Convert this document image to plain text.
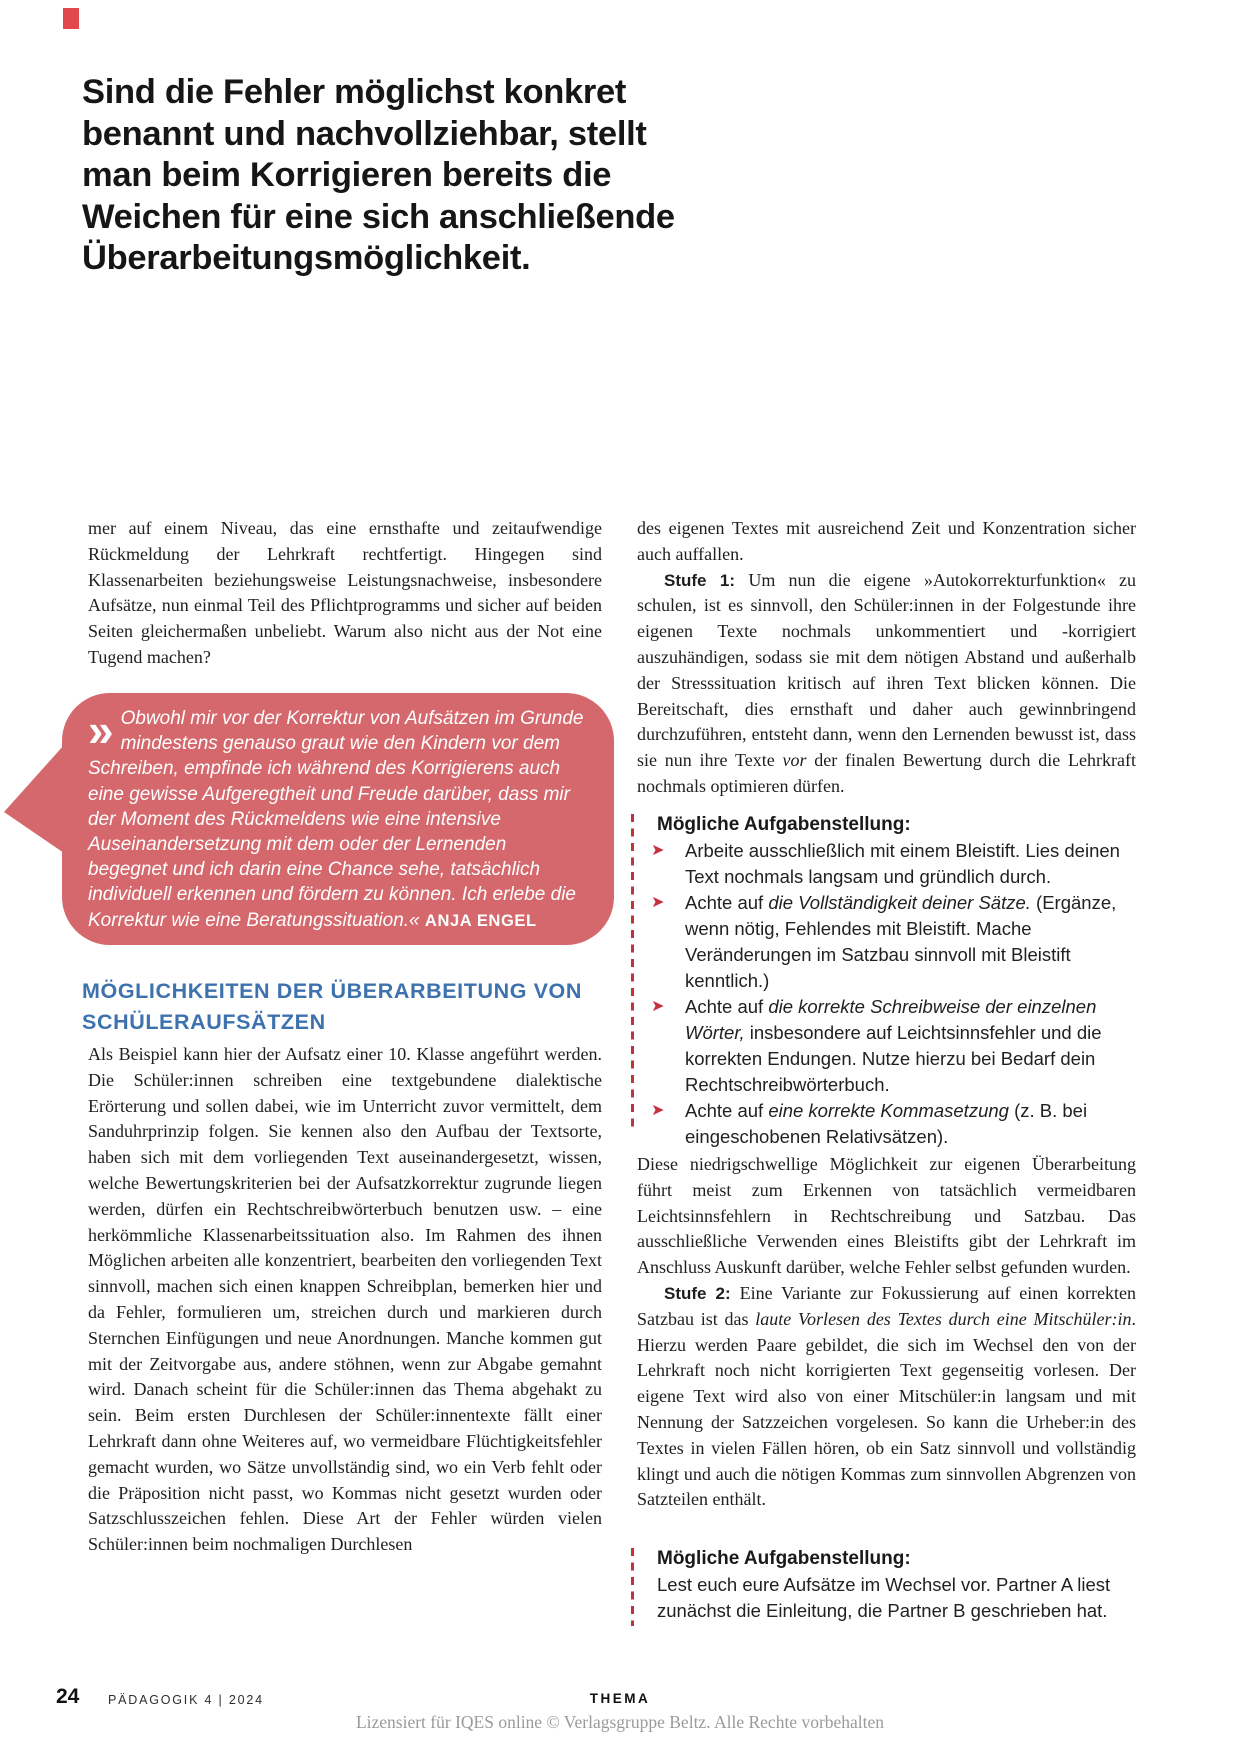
Sind die Fehler möglichst konkret
benannt und nachvollziehbar, stellt
man beim Korrigieren bereits die
Weichen für eine sich anschließende
Überarbeitungsmöglichkeit.
mer auf einem Niveau, das eine ernsthafte und zeitaufwendige Rückmeldung der Lehrkraft rechtfertigt. Hingegen sind Klassenarbeiten beziehungsweise Leistungsnachweise, insbesondere Aufsätze, nun einmal Teil des Pflichtprogramms und sicher auf beiden Seiten gleichermaßen unbeliebt. Warum also nicht aus der Not eine Tugend machen?
» Obwohl mir vor der Korrektur von Aufsätzen im Grunde mindestens genauso graut wie den Kindern vor dem Schreiben, empfinde ich während des Korrigierens auch eine gewisse Aufgeregtheit und Freude darüber, dass mir der Moment des Rückmeldens wie eine intensive Auseinandersetzung mit dem oder der Lernenden begegnet und ich darin eine Chance sehe, tatsächlich individuell erkennen und fördern zu können. Ich erlebe die Korrektur wie eine Beratungssituation.« ANJA ENGEL
MÖGLICHKEITEN DER ÜBERARBEITUNG VON SCHÜLERAUFSÄTZEN
Als Beispiel kann hier der Aufsatz einer 10. Klasse angeführt werden. Die Schüler:innen schreiben eine textgebundene dialektische Erörterung und sollen dabei, wie im Unterricht zuvor vermittelt, dem Sanduhrprinzip folgen. Sie kennen also den Aufbau der Textsorte, haben sich mit dem vorliegenden Text auseinandergesetzt, wissen, welche Bewertungskriterien bei der Aufsatzkorrektur zugrunde liegen werden, dürfen ein Rechtschreibwörterbuch benutzen usw. – eine herkömmliche Klassenarbeitssituation also. Im Rahmen des ihnen Möglichen arbeiten alle konzentriert, bearbeiten den vorliegenden Text sinnvoll, machen sich einen knappen Schreibplan, bemerken hier und da Fehler, formulieren um, streichen durch und markieren durch Sternchen Einfügungen und neue Anordnungen. Manche kommen gut mit der Zeitvorgabe aus, andere stöhnen, wenn zur Abgabe gemahnt wird. Danach scheint für die Schüler:innen das Thema abgehakt zu sein. Beim ersten Durchlesen der Schüler:innentexte fällt einer Lehrkraft dann ohne Weiteres auf, wo vermeidbare Flüchtigkeitsfehler gemacht wurden, wo Sätze unvollständig sind, wo ein Verb fehlt oder die Präposition nicht passt, wo Kommas nicht gesetzt wurden oder Satzschlusszeichen fehlen. Diese Art der Fehler würden vielen Schüler:innen beim nochmaligen Durchlesen
des eigenen Textes mit ausreichend Zeit und Konzentration sicher auch auffallen.
Stufe 1: Um nun die eigene »Autokorrekturfunktion« zu schulen, ist es sinnvoll, den Schüler:innen in der Folgestunde ihre eigenen Texte nochmals unkommentiert und -korrigiert auszuhändigen, sodass sie mit dem nötigen Abstand und außerhalb der Stresssituation kritisch auf ihren Text blicken können. Die Bereitschaft, dies ernsthaft und daher auch gewinnbringend durchzuführen, entsteht dann, wenn den Lernenden bewusst ist, dass sie nun ihre Texte vor der finalen Bewertung durch die Lehrkraft nochmals optimieren dürfen.
Mögliche Aufgabenstellung:
➤	Arbeite ausschließlich mit einem Bleistift. Lies deinen Text nochmals langsam und gründlich durch.
➤	Achte auf die Vollständigkeit deiner Sätze. (Ergänze, wenn nötig, Fehlendes mit Bleistift. Mache Veränderungen im Satzbau sinnvoll mit Bleistift kenntlich.)
➤	Achte auf die korrekte Schreibweise der einzelnen Wörter, insbesondere auf Leichtsinnsfehler und die korrekten Endungen. Nutze hierzu bei Bedarf dein Rechtschreibwörterbuch.
➤	Achte auf eine korrekte Kommasetzung (z. B. bei eingeschobenen Relativsätzen).
Diese niedrigschwellige Möglichkeit zur eigenen Überarbeitung führt meist zum Erkennen von tatsächlich vermeidbaren Leichtsinnsfehlern in Rechtschreibung und Satzbau. Das ausschließliche Verwenden eines Bleistifts gibt der Lehrkraft im Anschluss Auskunft darüber, welche Fehler selbst gefunden wurden.
Stufe 2: Eine Variante zur Fokussierung auf einen korrekten Satzbau ist das laute Vorlesen des Textes durch eine Mitschüler:in. Hierzu werden Paare gebildet, die sich im Wechsel den von der Lehrkraft noch nicht korrigierten Text gegenseitig vorlesen. Der eigene Text wird also von einer Mitschüler:in langsam und mit Nennung der Satzzeichen vorgelesen. So kann die Urheber:in des Textes in vielen Fällen hören, ob ein Satz sinnvoll und vollständig klingt und auch die nötigen Kommas zum sinnvollen Abgrenzen von Satzteilen enthält.
Mögliche Aufgabenstellung:
Lest euch eure Aufsätze im Wechsel vor. Partner A liest zunächst die Einleitung, die Partner B geschrieben hat.
24 PÄDAGOGIK 4 | 2024	THEMA
Lizensiert für IQES online © Verlagsgruppe Beltz. Alle Rechte vorbehalten
